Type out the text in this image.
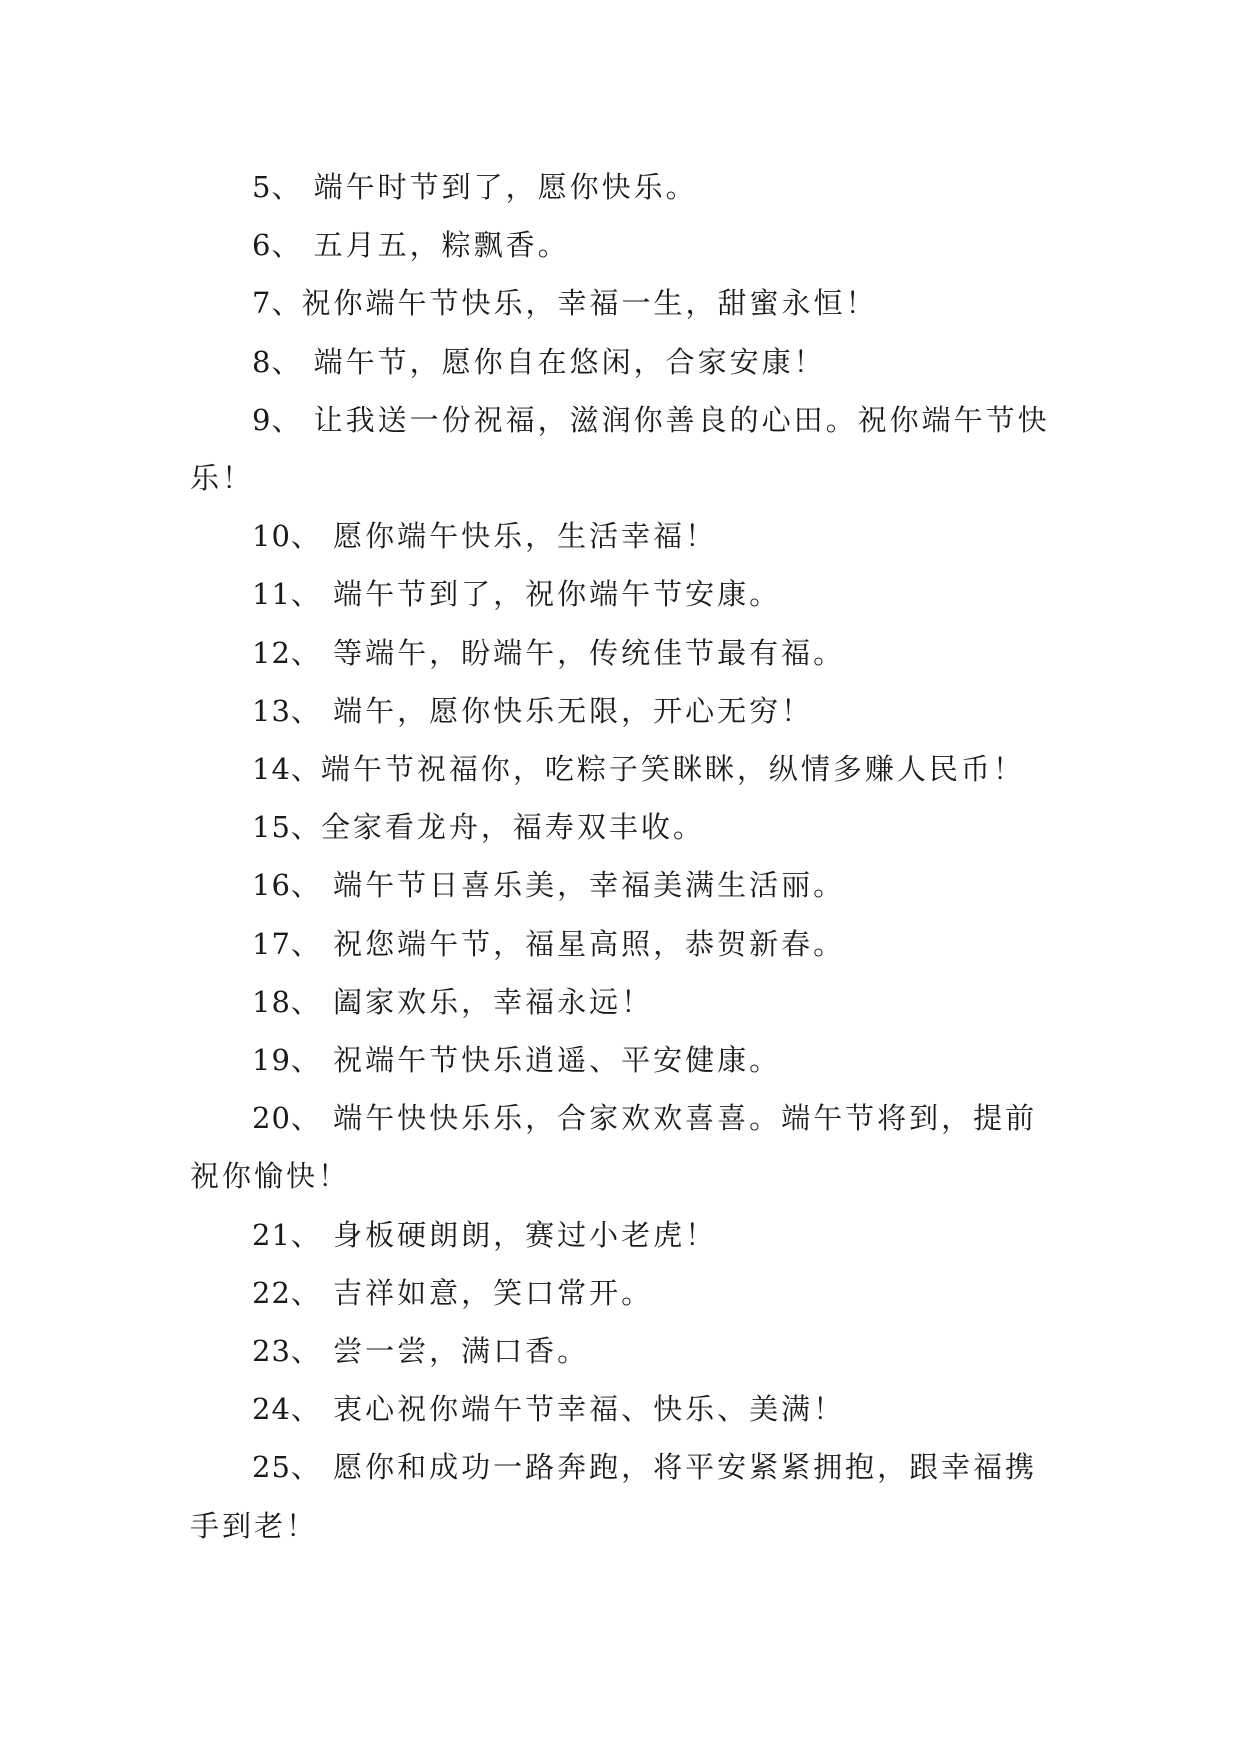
5、 端午时节到了，愿你快乐。

6、 五月五，粽飘香。

7、祝你端午节快乐，幸福一生，甜蜜永恒！

8、 端午节，愿你自在悠闲，合家安康！

9、 让我送一份祝福，滋润你善良的心田。祝你端午节快乐！

10、 愿你端午快乐，生活幸福！

11、 端午节到了，祝你端午节安康。

12、 等端午，盼端午，传统佳节最有福。

13、 端午，愿你快乐无限，开心无穷！

14、端午节祝福你，吃粽子笑眯眯，纵情多赚人民币！

15、全家看龙舟，福寿双丰收。

16、 端午节日喜乐美，幸福美满生活丽。

17、 祝您端午节，福星高照，恭贺新春。

18、 阖家欢乐，幸福永远！

19、 祝端午节快乐逍遥、平安健康。

20、 端午快快乐乐，合家欢欢喜喜。端午节将到，提前祝你愉快！

21、 身板硬朗朗，赛过小老虎！

22、 吉祥如意，笑口常开。

23、 尝一尝，满口香。

24、 衷心祝你端午节幸福、快乐、美满！

25、 愿你和成功一路奔跑，将平安紧紧拥抱，跟幸福携手到老！
